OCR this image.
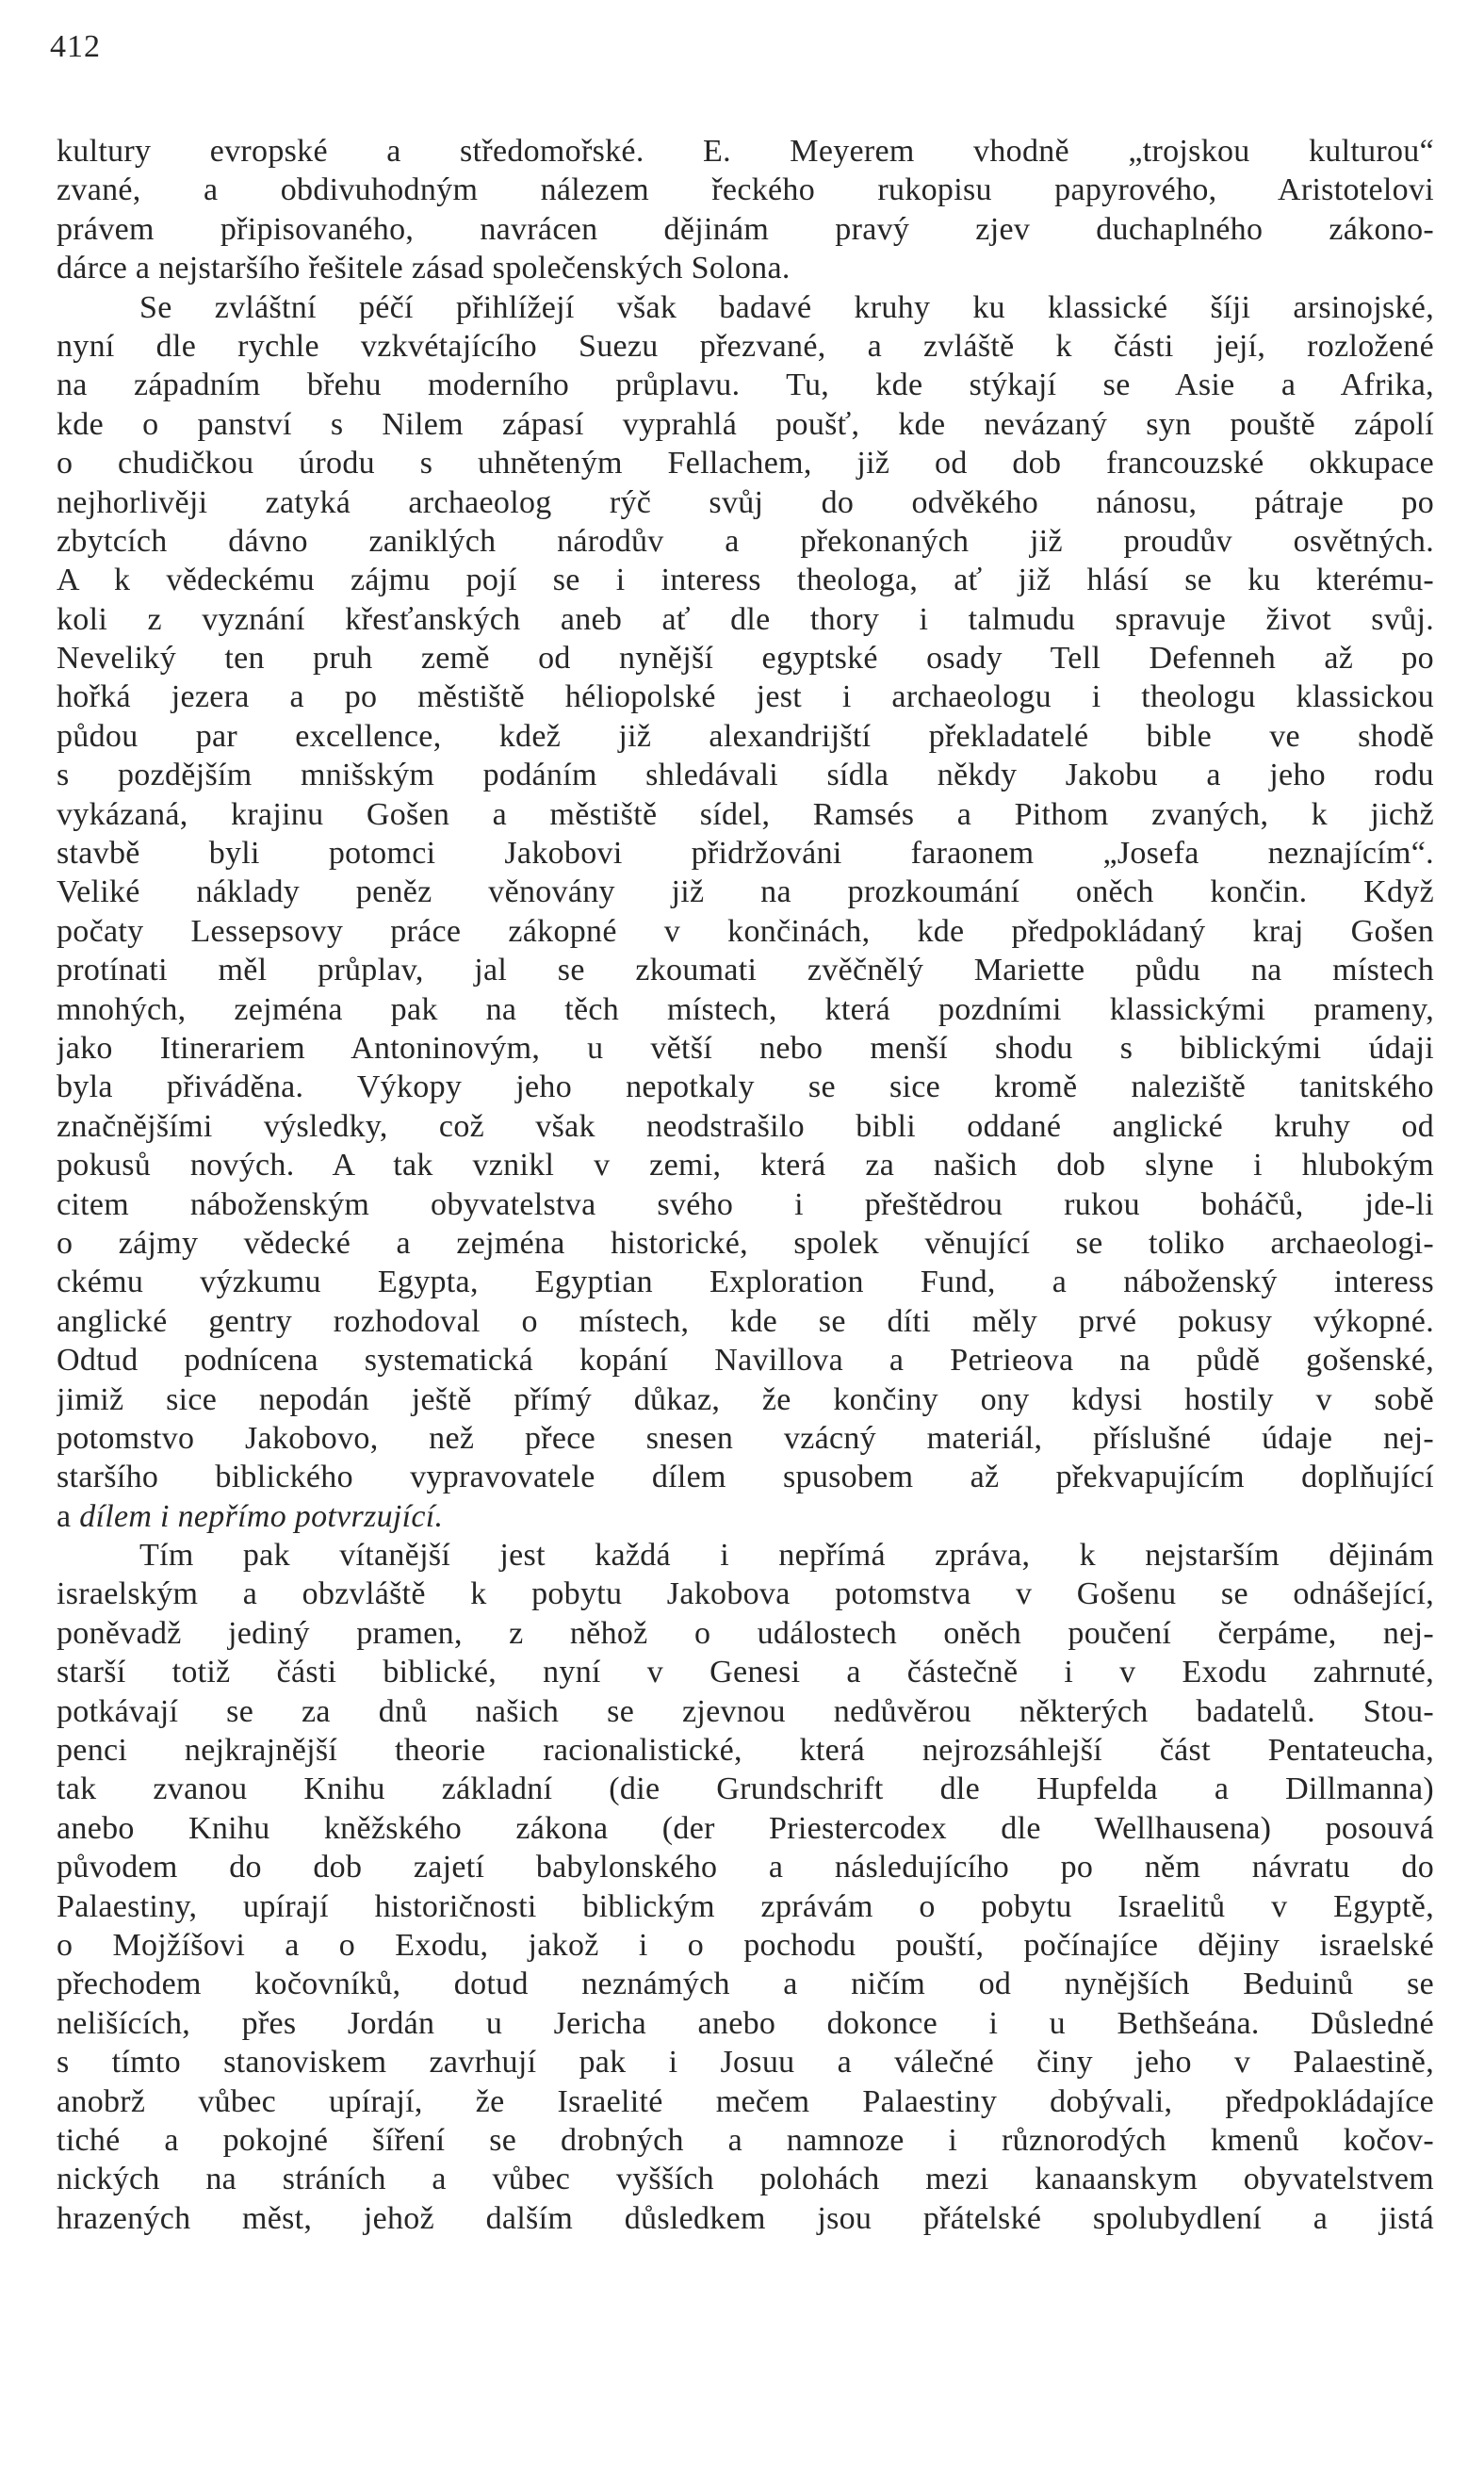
412
kultury evropské a středomořské. E. Meyerem vhodně „trojskou kulturou“
zvané, a obdivuhodným nálezem řeckého rukopisu papyrového, Aristotelovi
právem připisovaného, navrácen dějinám pravý zjev duchaplného zákono-
dárce a nejstaršího řešitele zásad společenských Solona.
Se zvláštní péčí přihlížejí však badavé kruhy ku klassické šíji arsinojské,
nyní dle rychle vzkvétajícího Suezu přezvané, a zvláště k části její, rozložené
na západním břehu moderního průplavu. Tu, kde stýkají se Asie a Afrika,
kde o panství s Nilem zápasí vyprahlá poušť, kde nevázaný syn pouště zápolí
o chudičkou úrodu s uhněteným Fellachem, již od dob francouzské okkupace
nejhorlivěji zatyká archaeolog rýč svůj do odvěkého nánosu, pátraje po
zbytcích dávno zaniklých národův a překonaných již proudův osvětných.
A k vědeckému zájmu pojí se i interess theologa, ať již hlásí se ku kterému-
koli z vyznání křesťanských aneb ať dle thory i talmudu spravuje život svůj.
Neveliký ten pruh země od nynější egyptské osady Tell Defenneh až po
hořká jezera a po městiště héliopolské jest i archaeologu i theologu klassickou
půdou par excellence, kdež již alexandrijští překladatelé bible ve shodě
s pozdějším mnišským podáním shledávali sídla někdy Jakobu a jeho rodu
vykázaná, krajinu Gošen a městiště sídel, Ramsés a Pithom zvaných, k jichž
stavbě byli potomci Jakobovi přidržováni faraonem „Josefa neznajícím“.
Veliké náklady peněz věnovány již na prozkoumání oněch končin. Když
počaty Lessepsovy práce zákopné v končinách, kde předpokládaný kraj Gošen
protínati měl průplav, jal se zkoumati zvěčnělý Mariette půdu na místech
mnohých, zejména pak na těch místech, která pozdními klassickými prameny,
jako Itinerariem Antoninovým, u větší nebo menší shodu s biblickými údaji
byla přiváděna. Výkopy jeho nepotkaly se sice kromě naleziště tanitského
značnějšími výsledky, což však neodstrašilo bibli oddané anglické kruhy od
pokusů nových. A tak vznikl v zemi, která za našich dob slyne i hlubokým
citem náboženským obyvatelstva svého i přeštědrou rukou boháčů, jde-li
o zájmy vědecké a zejména historické, spolek věnující se toliko archaeologi-
ckému výzkumu Egypta, Egyptian Exploration Fund, a náboženský interess
anglické gentry rozhodoval o místech, kde se díti měly prvé pokusy výkopné.
Odtud podnícena systematická kopání Navillova a Petrieova na půdě gošenské,
jimiž sice nepodán ještě přímý důkaz, že končiny ony kdysi hostily v sobě
potomstvo Jakobovo, než přece snesen vzácný materiál, příslušné údaje nej-
staršího biblického vypravovatele dílem spusobem až překvapujícím doplňující
a dílem i nepřímo potvrzující.
Tím pak vítanější jest každá i nepřímá zpráva, k nejstarším dějinám
israelským a obzvláště k pobytu Jakobova potomstva v Gošenu se odnášející,
poněvadž jediný pramen, z něhož o událostech oněch poučení čerpáme, nej-
starší totiž části biblické, nyní v Genesi a částečně i v Exodu zahrnuté,
potkávají se za dnů našich se zjevnou nedůvěrou některých badatelů. Stou-
penci nejkrajnější theorie racionalistické, která nejrozsáhlejší část Pentateucha,
tak zvanou Knihu základní (die Grundschrift dle Hupfelda a Dillmanna)
anebo Knihu kněžského zákona (der Priestercodex dle Wellhausena) posouvá
původem do dob zajetí babylonského a následujícího po něm návratu do
Palaestiny, upírají historičnosti biblickým zprávám o pobytu Israelitů v Egyptě,
o Mojžíšovi a o Exodu, jakož i o pochodu pouští, počínajíce dějiny israelské
přechodem kočovníků, dotud neznámých a ničím od nynějších Beduinů se
nelišících, přes Jordán u Jericha anebo dokonce i u Bethšeána. Důsledné
s tímto stanoviskem zavrhují pak i Josuu a válečné činy jeho v Palaestině,
anobrž vůbec upírají, že Israelité mečem Palaestiny dobývali, předpokládajíce
tiché a pokojné šíření se drobných a namnoze i různorodých kmenů kočov-
nických na stráních a vůbec vyšších polohách mezi kanaanskym obyvatelstvem
hrazených měst, jehož dalším důsledkem jsou přátelské spolubydlení a jistá
